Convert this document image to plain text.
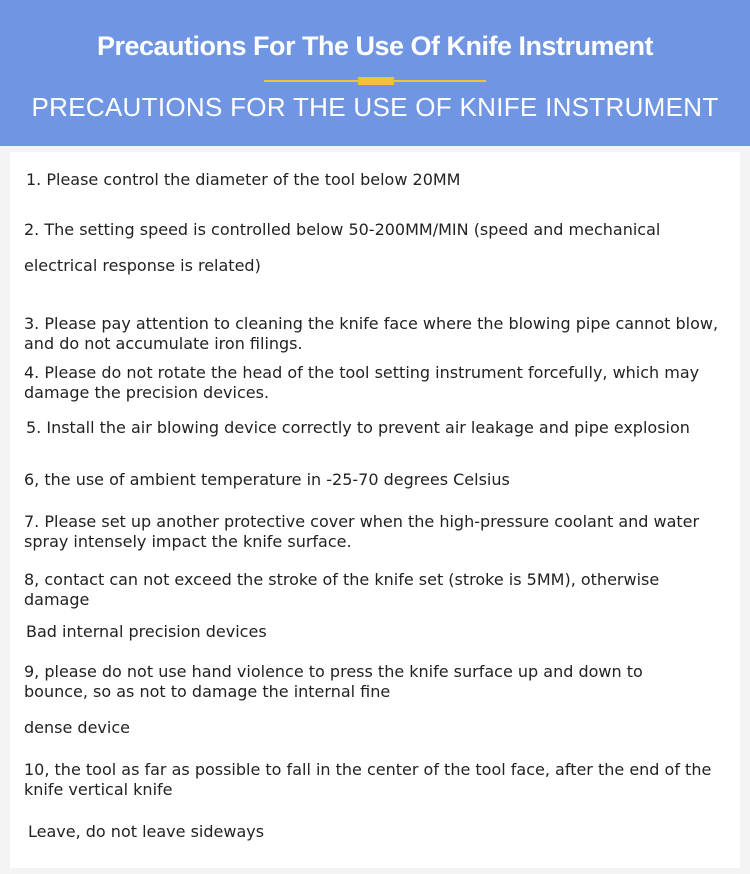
Precautions For The Use Of Knife Instrument
PRECAUTIONS FOR THE USE OF KNIFE INSTRUMENT
1. Please control the diameter of the tool below 20MM
2. The setting speed is controlled below 50-200MM/MIN (speed and mechanical
electrical response is related)
3. Please pay attention to cleaning the knife face where the blowing pipe cannot blow,
and do not accumulate iron filings.
4. Please do not rotate the head of the tool setting instrument forcefully, which may
damage the precision devices.
5. Install the air blowing device correctly to prevent air leakage and pipe explosion
6, the use of ambient temperature in -25-70 degrees Celsius
7. Please set up another protective cover when the high-pressure coolant and water
spray intensely impact the knife surface.
8, contact can not exceed the stroke of the knife set (stroke is 5MM), otherwise
damage
Bad internal precision devices
9, please do not use hand violence to press the knife surface up and down to
bounce, so as not to damage the internal fine
dense device
10, the tool as far as possible to fall in the center of the tool face, after the end of the
knife vertical knife
Leave, do not leave sideways
